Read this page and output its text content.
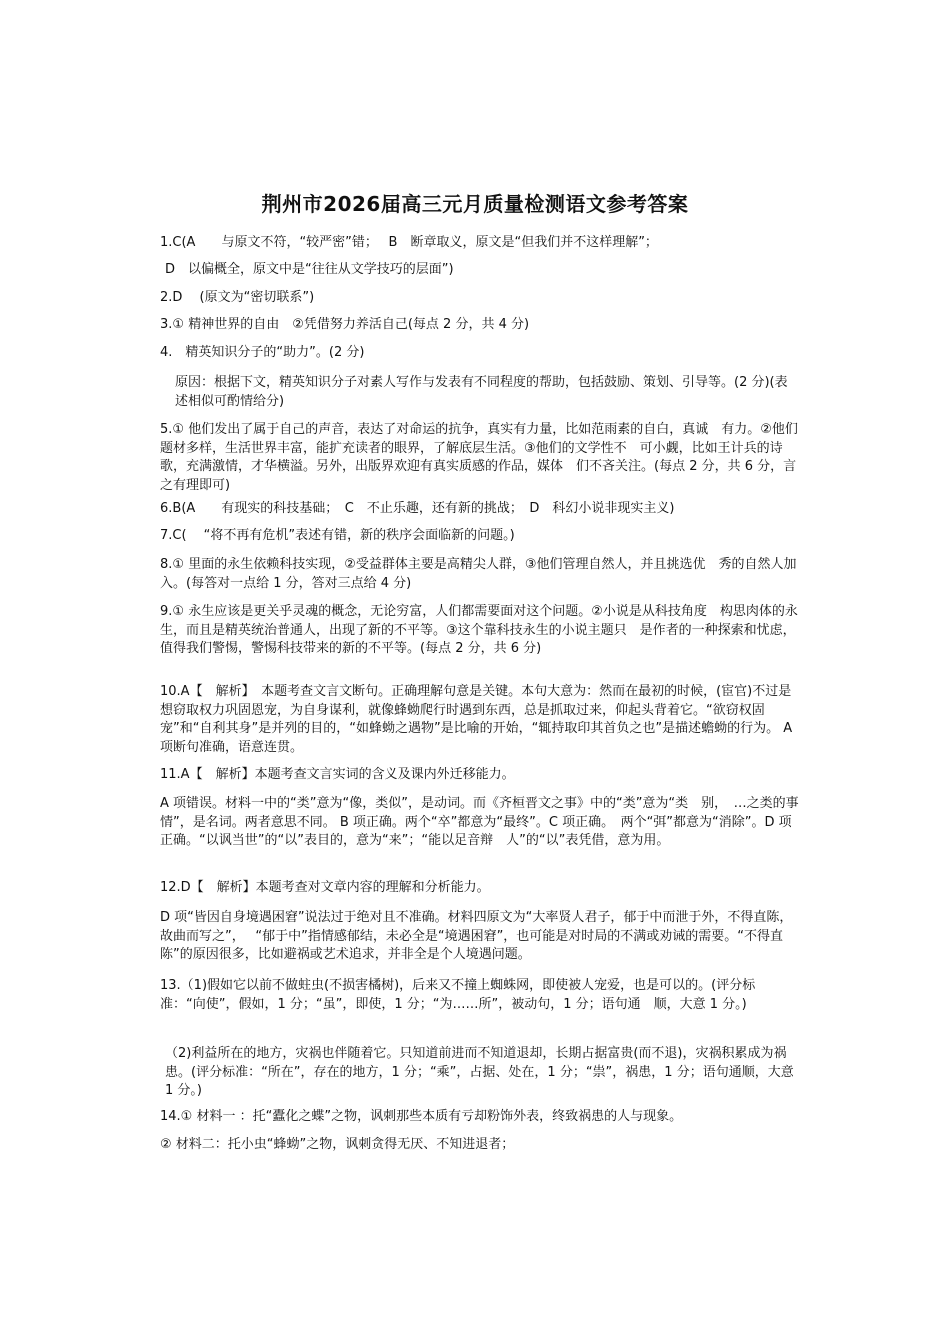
荆州市2026届高三元月质量检测语文参考答案
1.C(A　　与原文不符，“较严密”错；　 B　断章取义，原文是“但我们并不这样理解”；
D　以偏概全，原文中是“往往从文学技巧的层面”)
2.D　 (原文为“密切联系”)
3.① 精神世界的自由　②凭借努力养活自己(每点 2 分，共 4 分)
4.　精英知识分子的“助力”。(2 分)
原因：根据下文，精英知识分子对素人写作与发表有不同程度的帮助，包括鼓励、策划、引导等。(2 分)(表述相似可酌情给分)
5.① 他们发出了属于自己的声音，表达了对命运的抗争，真实有力量，比如范雨素的自白，真诚　有力。②他们题材多样，生活世界丰富，能扩充读者的眼界，了解底层生活。③他们的文学性不　可小觑，比如王计兵的诗歌，充满激情，才华横溢。另外，出版界欢迎有真实质感的作品，媒体　们不吝关注。(每点 2 分，共 6 分，言之有理即可)
6.B(A　　有现实的科技基础；　C　不止乐趣，还有新的挑战；　D　科幻小说非现实主义)
7.C(　 “将不再有危机”表述有错，新的秩序会面临新的问题。)
8.① 里面的永生依赖科技实现，②受益群体主要是高精尖人群，③他们管理自然人，并且挑选优　秀的自然人加入。(每答对一点给 1 分，答对三点给 4 分)
9.① 永生应该是更关乎灵魂的概念，无论穷富，人们都需要面对这个问题。②小说是从科技角度　构思肉体的永生，而且是精英统治普通人，出现了新的不平等。③这个靠科技永生的小说主题只　是作者的一种探索和忧虑，值得我们警惕，警惕科技带来的新的不平等。(每点 2 分，共 6 分)
10.A【　解析】　本题考查文言文断句。正确理解句意是关键。本句大意为：然而在最初的时候，(宦官)不过是想窃取权力巩固恩宠，为自身谋利，就像蜂蚴爬行时遇到东西，总是抓取过来，仰起头背着它。“欲窃权固宠”和“自利其身”是并列的目的，“如蜂蚴之遇物”是比喻的开始，“辄持取印其首负之也”是描述蟾蚴的行为。 A 项断句准确，语意连贯。
11.A【　解析】本题考查文言实词的含义及课内外迁移能力。
A 项错误。材料一中的“类”意为“像，类似”，是动词。而《齐桓晋文之事》中的“类”意为“类　别，　…之类的事情”，是名词。两者意思不同。 B 项正确。两个“卒”都意为“最终”。C 项正确。　两个“弭”都意为“消除”。D 项正确。“以讽当世”的“以”表目的，意为“来”；“能以足音辩　人”的“以”表凭借，意为用。
12.D【　解析】本题考查对文章内容的理解和分析能力。
D 项“皆因自身境遇困窘”说法过于绝对且不准确。材料四原文为“大率贤人君子，郁于中而泄于外，不得直陈，故曲而写之”，　 “郁于中”指情感郁结，未必全是“境遇困窘”，也可能是对时局的不满或劝诫的需要。“不得直陈”的原因很多，比如避祸或艺术追求，并非全是个人境遇问题。
13.（1)假如它以前不做蛀虫(不损害橘树)，后来又不撞上蜘蛛网，即使被人宠爱，也是可以的。(评分标准：“向使”，假如，1 分；“虽”，即使，1 分；“为……所”，被动句，1 分；语句通　顺，大意 1 分。)
（2)利益所在的地方，灾祸也伴随着它。只知道前进而不知道退却，长期占据富贵(而不退)，灾祸积累成为祸患。(评分标准：“所在”，存在的地方，1 分；“乘”，占据、处在，1 分；“祟”，祸患，1 分；语句通顺，大意 1 分。)
14.① 材料一 ：托“蠹化之蝶”之物，讽刺那些本质有亏却粉饰外表，终致祸患的人与现象。
② 材料二：托小虫“蜂蚴”之物，讽刺贪得无厌、不知进退者；
